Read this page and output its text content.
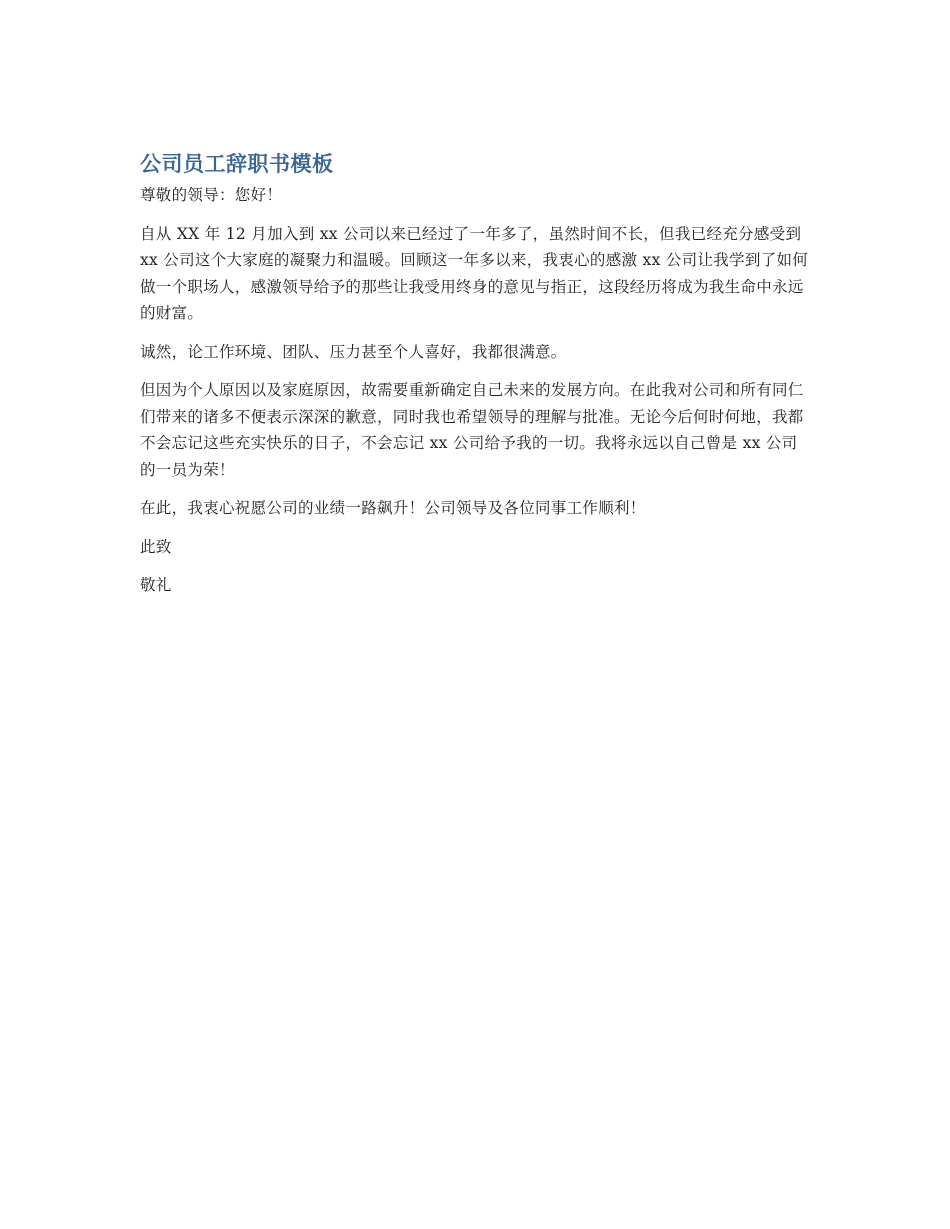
公司员工辞职书模板

尊敬的领导：您好！

自从 XX 年 12 月加入到 xx 公司以来已经过了一年多了，虽然时间不长，但我已经充分感受到 xx 公司这个大家庭的凝聚力和温暖。回顾这一年多以来，我衷心的感激 xx 公司让我学到了如何做一个职场人，感激领导给予的那些让我受用终身的意见与指正，这段经历将成为我生命中永远的财富。

诚然，论工作环境、团队、压力甚至个人喜好，我都很满意。

但因为个人原因以及家庭原因，故需要重新确定自己未来的发展方向。在此我对公司和所有同仁们带来的诸多不便表示深深的歉意，同时我也希望领导的理解与批准。无论今后何时何地，我都不会忘记这些充实快乐的日子，不会忘记 xx 公司给予我的一切。我将永远以自己曾是 xx 公司的一员为荣！

在此，我衷心祝愿公司的业绩一路飙升！公司领导及各位同事工作顺利！

此致

敬礼
